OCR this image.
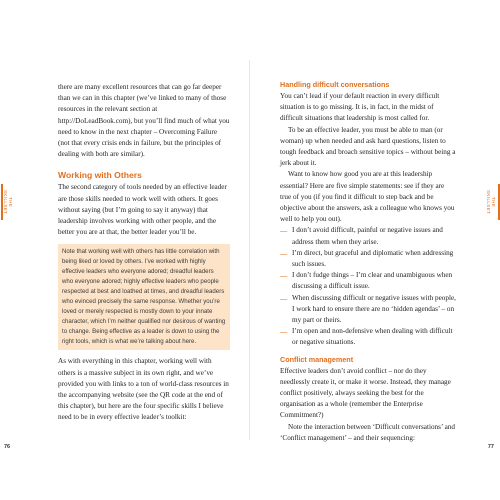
THE SKILLSET

there are many excellent resources that can go far deeper than we can in this chapter (we’ve linked to many of those resources in the relevant section at http://DoLeadBook.com), but you’ll find much of what you need to know in the next chapter – Overcoming Failure (not that every crisis ends in failure, but the principles of dealing with both are similar).

Working with Others

The second category of tools needed by an effective leader are those skills needed to work well with others. It goes without saying (but I’m going to say it anyway) that leadership involves working with other people, and the better you are at that, the better leader you’ll be.

Note that working well with others has little correlation with being liked or loved by others. I’ve worked with highly effective leaders who everyone adored; dreadful leaders who everyone adored; highly effective leaders who people respected at best and loathed at times, and dreadful leaders who evinced precisely the same response. Whether you’re loved or merely respected is mostly down to your innate character, which I’m neither qualified nor desirous of wanting to change. Being effective as a leader is down to using the right tools, which is what we’re talking about here.

As with everything in this chapter, working well with others is a massive subject in its own right, and we’ve provided you with links to a ton of world-class resources in the accompanying website (see the QR code at the end of this chapter), but here are the four specific skills I believe need to be in every effective leader’s toolkit:

76
THE SKILLSET

Handling difficult conversations

You can’t lead if your default reaction in every difficult situation is to go missing. It is, in fact, in the midst of difficult situations that leadership is most called for.

To be an effective leader, you must be able to man (or woman) up when needed and ask hard questions, listen to tough feedback and broach sensitive topics – without being a jerk about it.

Want to know how good you are at this leadership essential? Here are five simple statements: see if they are true of you (if you find it difficult to step back and be objective about the answers, ask a colleague who knows you well to help you out).

— I don’t avoid difficult, painful or negative issues and address them when they arise.
— I’m direct, but graceful and diplomatic when addressing such issues.
— I don’t fudge things – I’m clear and unambiguous when discussing a difficult issue.
— When discussing difficult or negative issues with people, I work hard to ensure there are no ‘hidden agendas’ – on my part or theirs.
— I’m open and non-defensive when dealing with difficult or negative situations.

Conflict management

Effective leaders don’t avoid conflict – nor do they needlessly create it, or make it worse. Instead, they manage conflict positively, always seeking the best for the organisation as a whole (remember the Enterprise Commitment?)

Note the interaction between ‘Difficult conversations’ and ‘Conflict management’ – and their sequencing:

77
